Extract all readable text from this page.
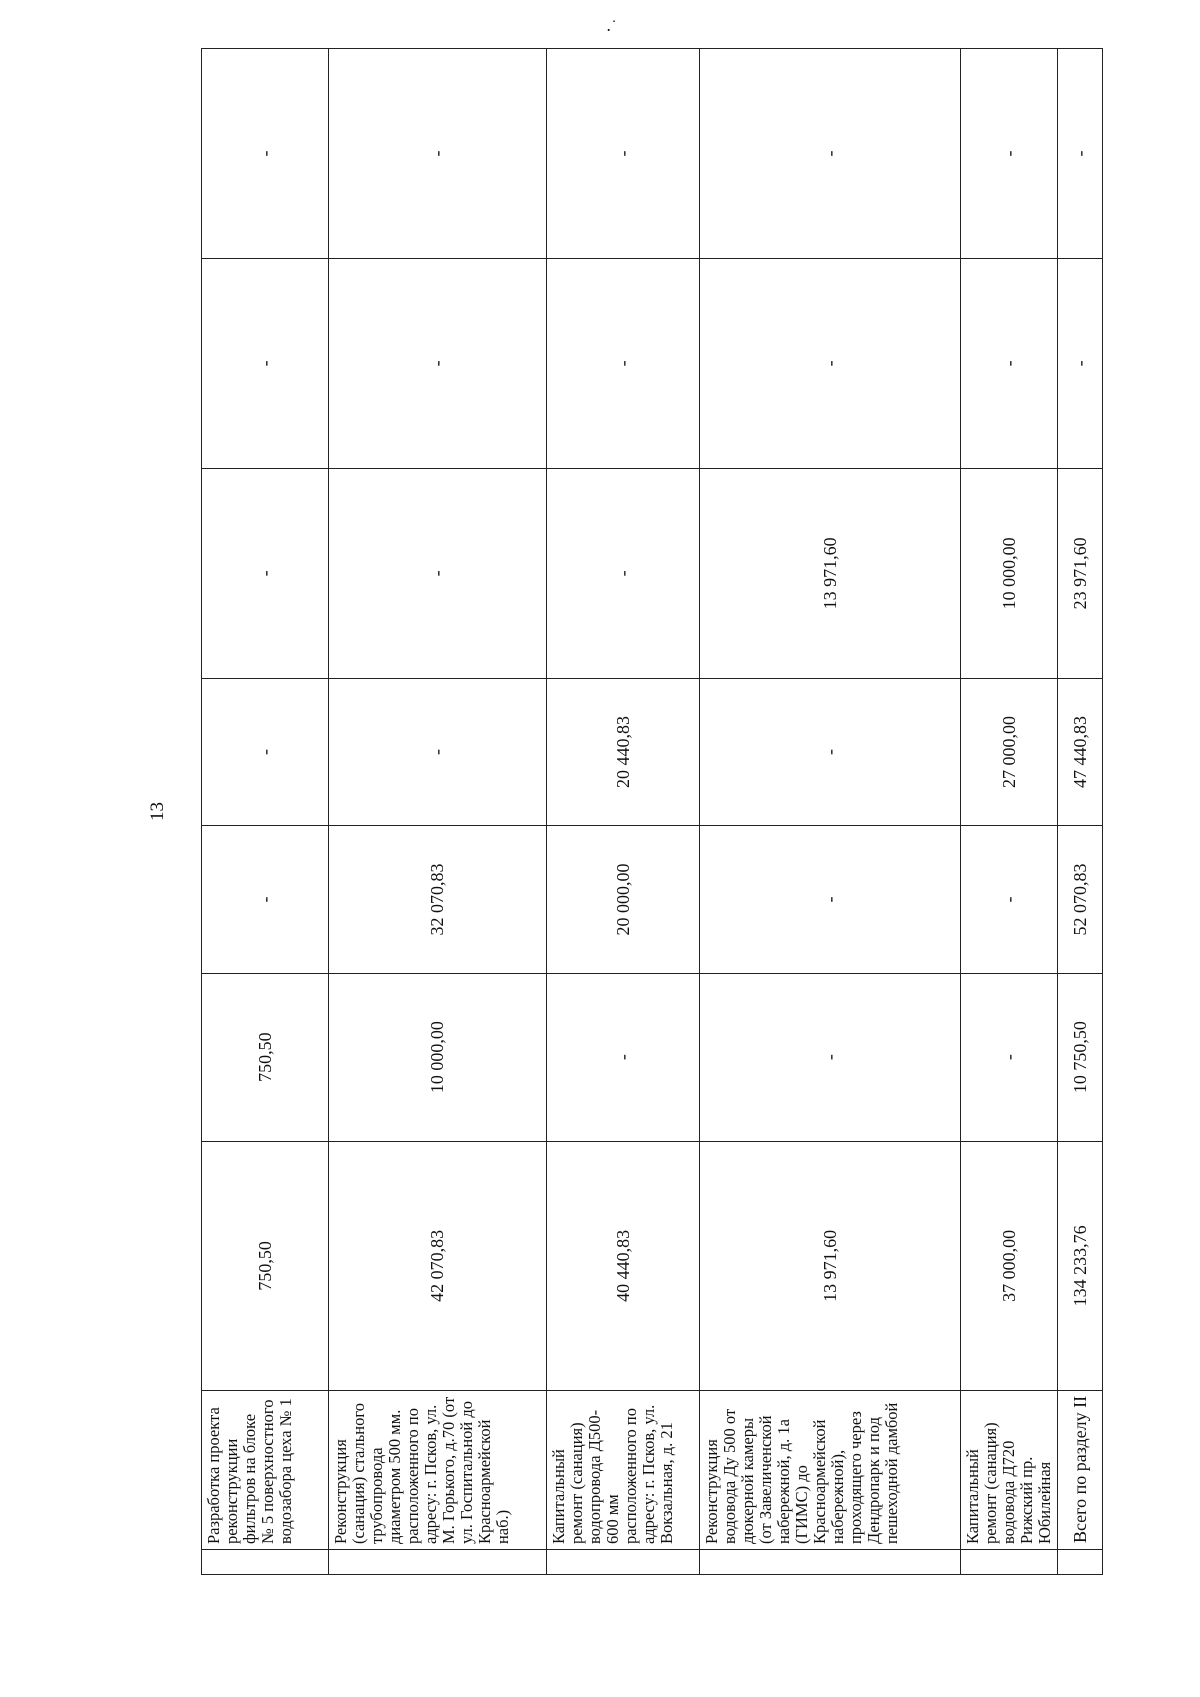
13
	Разработка проекта реконструкции фильтров на блоке № 5 поверхностного водозабора цеха № 1	750,50	750,50	-	-	-	-	-
	Реконструкция (санация) стального трубопровода диаметром 500 мм. расположенного по адресу: г. Псков, ул. М. Горького, д.70 (от ул. Госпитальной до Красноармейской наб.)	42 070,83	10 000,00	32 070,83	-	-	-	-
	Капитальный ремонт (санация) водопровода Д500-600 мм расположенного по адресу: г. Псков, ул. Вокзальная, д. 21	40 440,83	-	20 000,00	20 440,83	-	-	-
	Реконструкция водовода Ду 500 от дюкерной камеры (от Завеличенской набережной, д. 1а (ГИМС) до Красноармейской набережной), проходящего через Дендропарк и под пешеходной дамбой	13 971,60	-	-	-	13 971,60	-	-
	Капитальный ремонт (санация) водовода Д720 Рижский пр. Юбилейная	37 000,00	-	-	27 000,00	10 000,00	-	-
	Всего по разделу II	134 233,76	10 750,50	52 070,83	47 440,83	23 971,60	-	-
․˙
